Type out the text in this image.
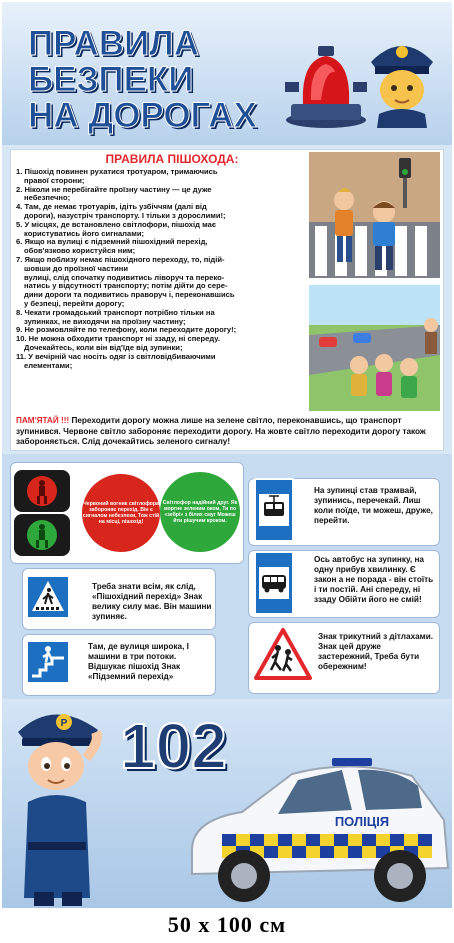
ПРАВИЛА
БЕЗПЕКИ
НА ДОРОГАХ
ПРАВИЛА ПІШОХОДА:
1. Пішохід повинен рухатися тротуаром, тримаючись
правої сторони;
2. Ніколи не перебігайте проїзну частину — це дуже
небезпечно;
4. Там, де немає тротуарів, ідіть узбіччям (далі від
дороги), назустріч транспорту. І тільки з дорослими!;
5. У місцях, де встановлено світлофори, пішохід має
користуватись його сигналами;
6. Якщо на вулиці є підземний пішохідний перехід,
обов'язково користуйся ним;
7. Якщо поблизу немає пішохідного переходу, то, підій-
шовши до проїзної частини
вулиці, слід спочатку подивитись ліворуч та переко-
натись у відсутності транспорту; потім дійти до сере-
дини дороги та подивитись праворуч і, переконавшись
у безпеці, перейти дорогу;
8. Чекати громадський транспорт потрібно тільки на
зупинках, не виходячи на проїзну частину;
9. Не розмовляйте по телефону, коли переходите дорогу!;
10. Не можна обходити транспорт ні ззаду, ні спереду.
Дочекайтесь, коли він від'їде від зупинки;
11. У вечірній час носіть одяг із світловідбиваючими
елементами;
ПАМ'ЯТАЙ !!! Переходити дорогу можна лише на зелене світло, переконавшись, що транспорт зупинився. Червоне світло забороняє переходити дорогу. На жовте світло переходити дорогу також забороняється. Слід дочекайтись зеленого сигналу!
Червоний вогник світлофора забороняє перехід. Він є сигналом небезпеки, Тож стій на місці, пішохід!
Світлофор надійний друг. Як моргне зеленим оком, Ти по «зебрі» з білих смуг Можеш йти рішучим кроком.
Треба знати всім, як слід, «Пішохідний перехід» Знак велику силу має. Він машини зупиняє.
Там, де вулиця широка, І машини в три потоки. Відшукає пішохід Знак «Підземний перехід»
На зупинці став трамвай, зупинись, перечекай. Лиш коли поїде, ти можеш, друже, перейти.
Ось автобус на зупинку, на одну прибув хвилинку. Є закон а не порада - він стоїть і ти постій. Ані спереду, ні ззаду Обійти його не смій!
Знак трикутний з дітлахами. Знак цей друже застережний, Треба бути обережним!
102
P
ПОЛІЦІЯ
50 x 100 см
